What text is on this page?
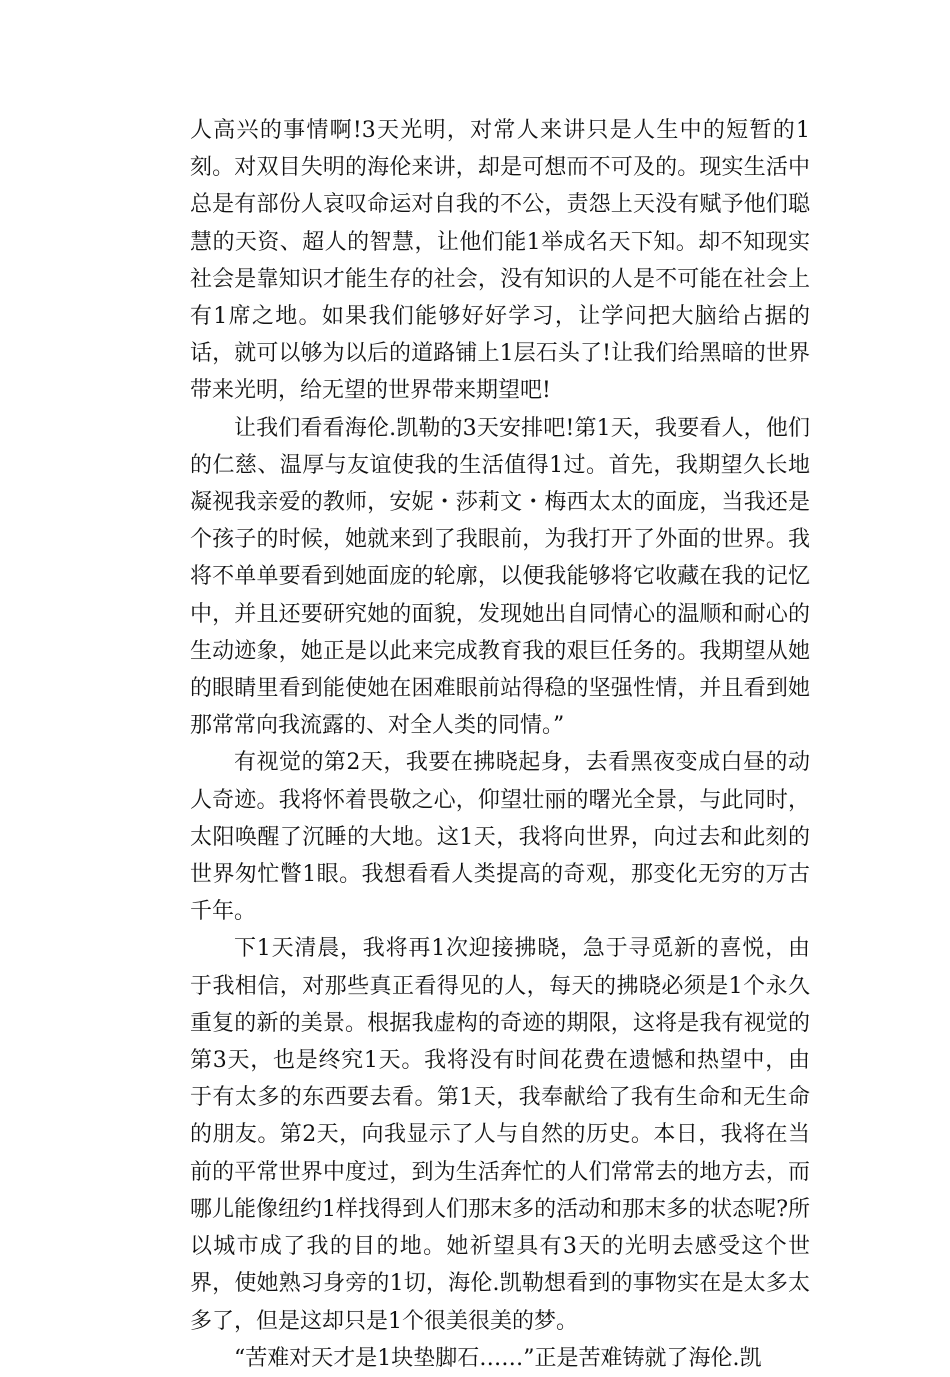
人高兴的事情啊!3天光明，对常人来讲只是人生中的短暂的1刻。对双目失明的海伦来讲，却是可想而不可及的。现实生活中总是有部份人哀叹命运对自我的不公，责怨上天没有赋予他们聪慧的天资、超人的智慧，让他们能1举成名天下知。却不知现实社会是靠知识才能生存的社会，没有知识的人是不可能在社会上有1席之地。如果我们能够好好学习，让学问把大脑给占据的话，就可以够为以后的道路铺上1层石头了!让我们给黑暗的世界带来光明，给无望的世界带来期望吧!

让我们看看海伦.凯勒的3天安排吧!第1天，我要看人，他们的仁慈、温厚与友谊使我的生活值得1过。首先，我期望久长地凝视我亲爱的教师，安妮・莎莉文・梅西太太的面庞，当我还是个孩子的时候，她就来到了我眼前，为我打开了外面的世界。我将不单单要看到她面庞的轮廓，以便我能够将它收藏在我的记忆中，并且还要研究她的面貌，发现她出自同情心的温顺和耐心的生动迹象，她正是以此来完成教育我的艰巨任务的。我期望从她的眼睛里看到能使她在困难眼前站得稳的坚强性情，并且看到她那常常向我流露的、对全人类的同情。”

有视觉的第2天，我要在拂晓起身，去看黑夜变成白昼的动人奇迹。我将怀着畏敬之心，仰望壮丽的曙光全景，与此同时，太阳唤醒了沉睡的大地。这1天，我将向世界，向过去和此刻的世界匆忙瞥1眼。我想看看人类提高的奇观，那变化无穷的万古千年。

下1天清晨，我将再1次迎接拂晓，急于寻觅新的喜悦，由于我相信，对那些真正看得见的人，每天的拂晓必须是1个永久重复的新的美景。根据我虚构的奇迹的期限，这将是我有视觉的第3天，也是终究1天。我将没有时间花费在遗憾和热望中，由于有太多的东西要去看。第1天，我奉献给了我有生命和无生命的朋友。第2天，向我显示了人与自然的历史。本日，我将在当前的平常世界中度过，到为生活奔忙的人们常常去的地方去，而哪儿能像纽约1样找得到人们那末多的活动和那末多的状态呢?所以城市成了我的目的地。她祈望具有3天的光明去感受这个世界，使她熟习身旁的1切，海伦.凯勒想看到的事物实在是太多太多了，但是这却只是1个很美很美的梦。

“苦难对天才是1块垫脚石……”正是苦难铸就了海伦.凯
